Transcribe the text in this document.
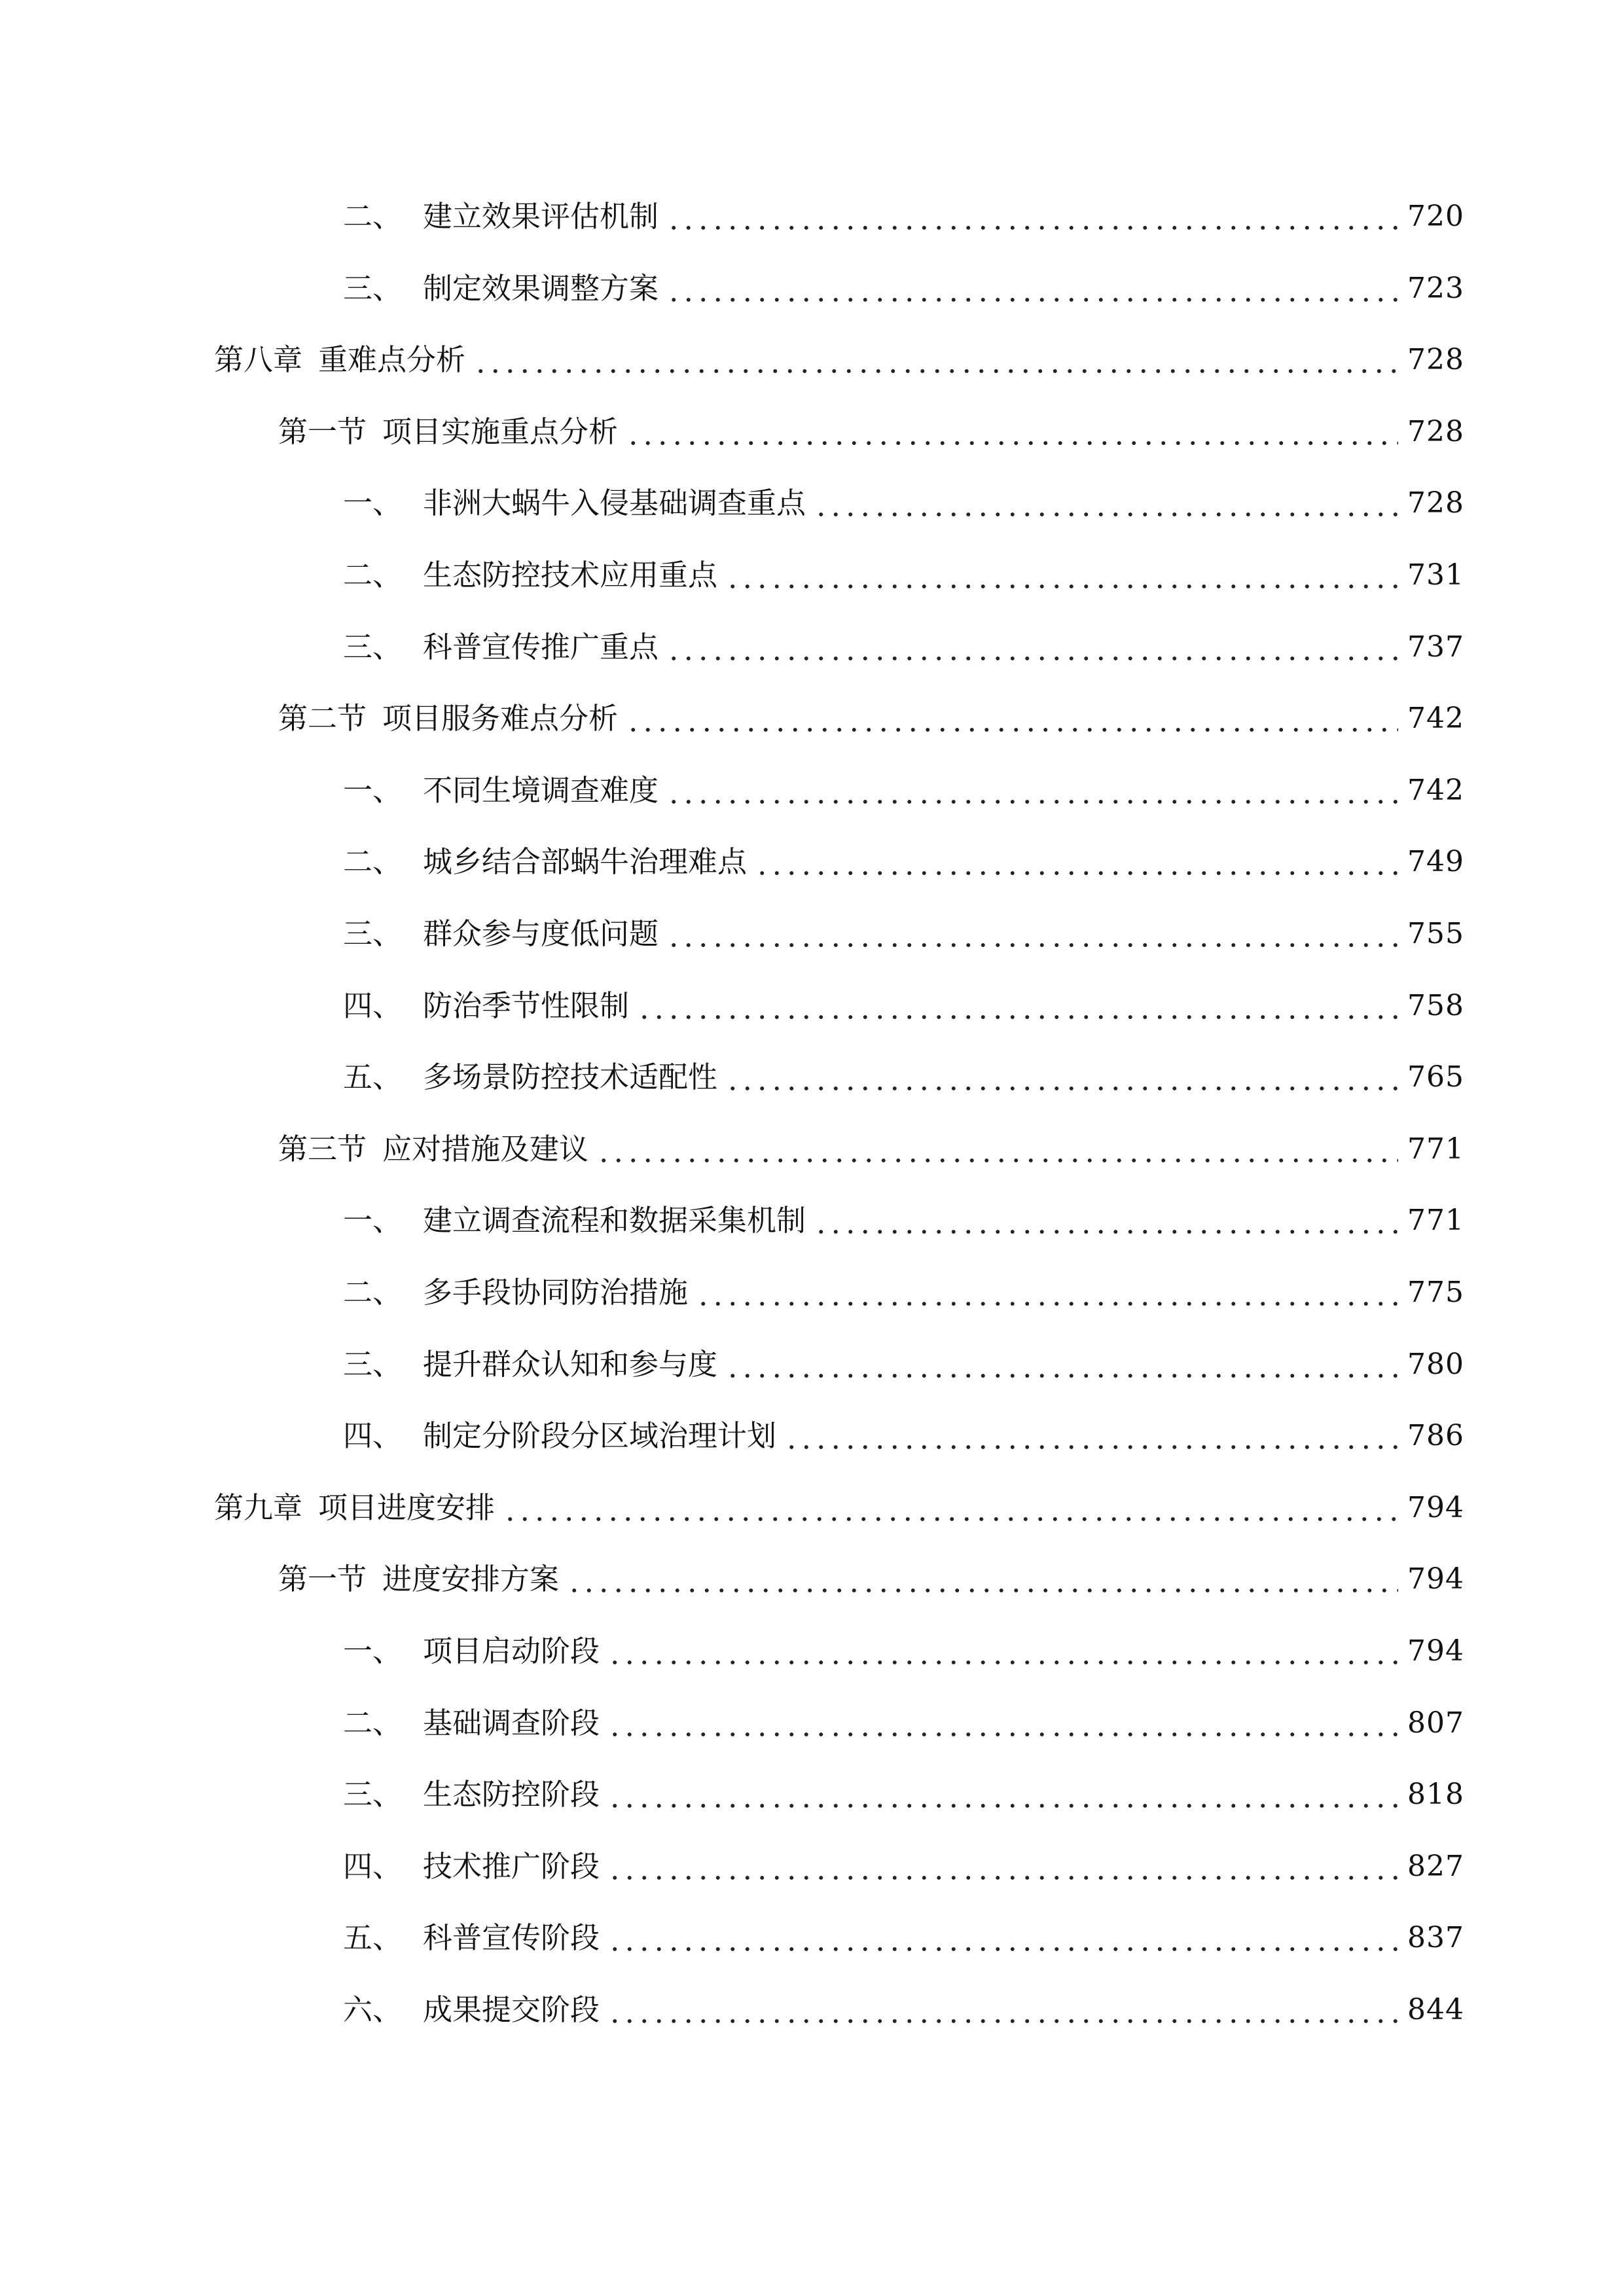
二、 建立效果评估机制	720
三、 制定效果调整方案	723
第八章 重难点分析	728
第一节 项目实施重点分析	728
一、 非洲大蜗牛入侵基础调查重点	728
二、 生态防控技术应用重点	731
三、 科普宣传推广重点	737
第二节 项目服务难点分析	742
一、 不同生境调查难度	742
二、 城乡结合部蜗牛治理难点	749
三、 群众参与度低问题	755
四、 防治季节性限制	758
五、 多场景防控技术适配性	765
第三节 应对措施及建议	771
一、 建立调查流程和数据采集机制	771
二、 多手段协同防治措施	775
三、 提升群众认知和参与度	780
四、 制定分阶段分区域治理计划	786
第九章 项目进度安排	794
第一节 进度安排方案	794
一、 项目启动阶段	794
二、 基础调查阶段	807
三、 生态防控阶段	818
四、 技术推广阶段	827
五、 科普宣传阶段	837
六、 成果提交阶段	844
